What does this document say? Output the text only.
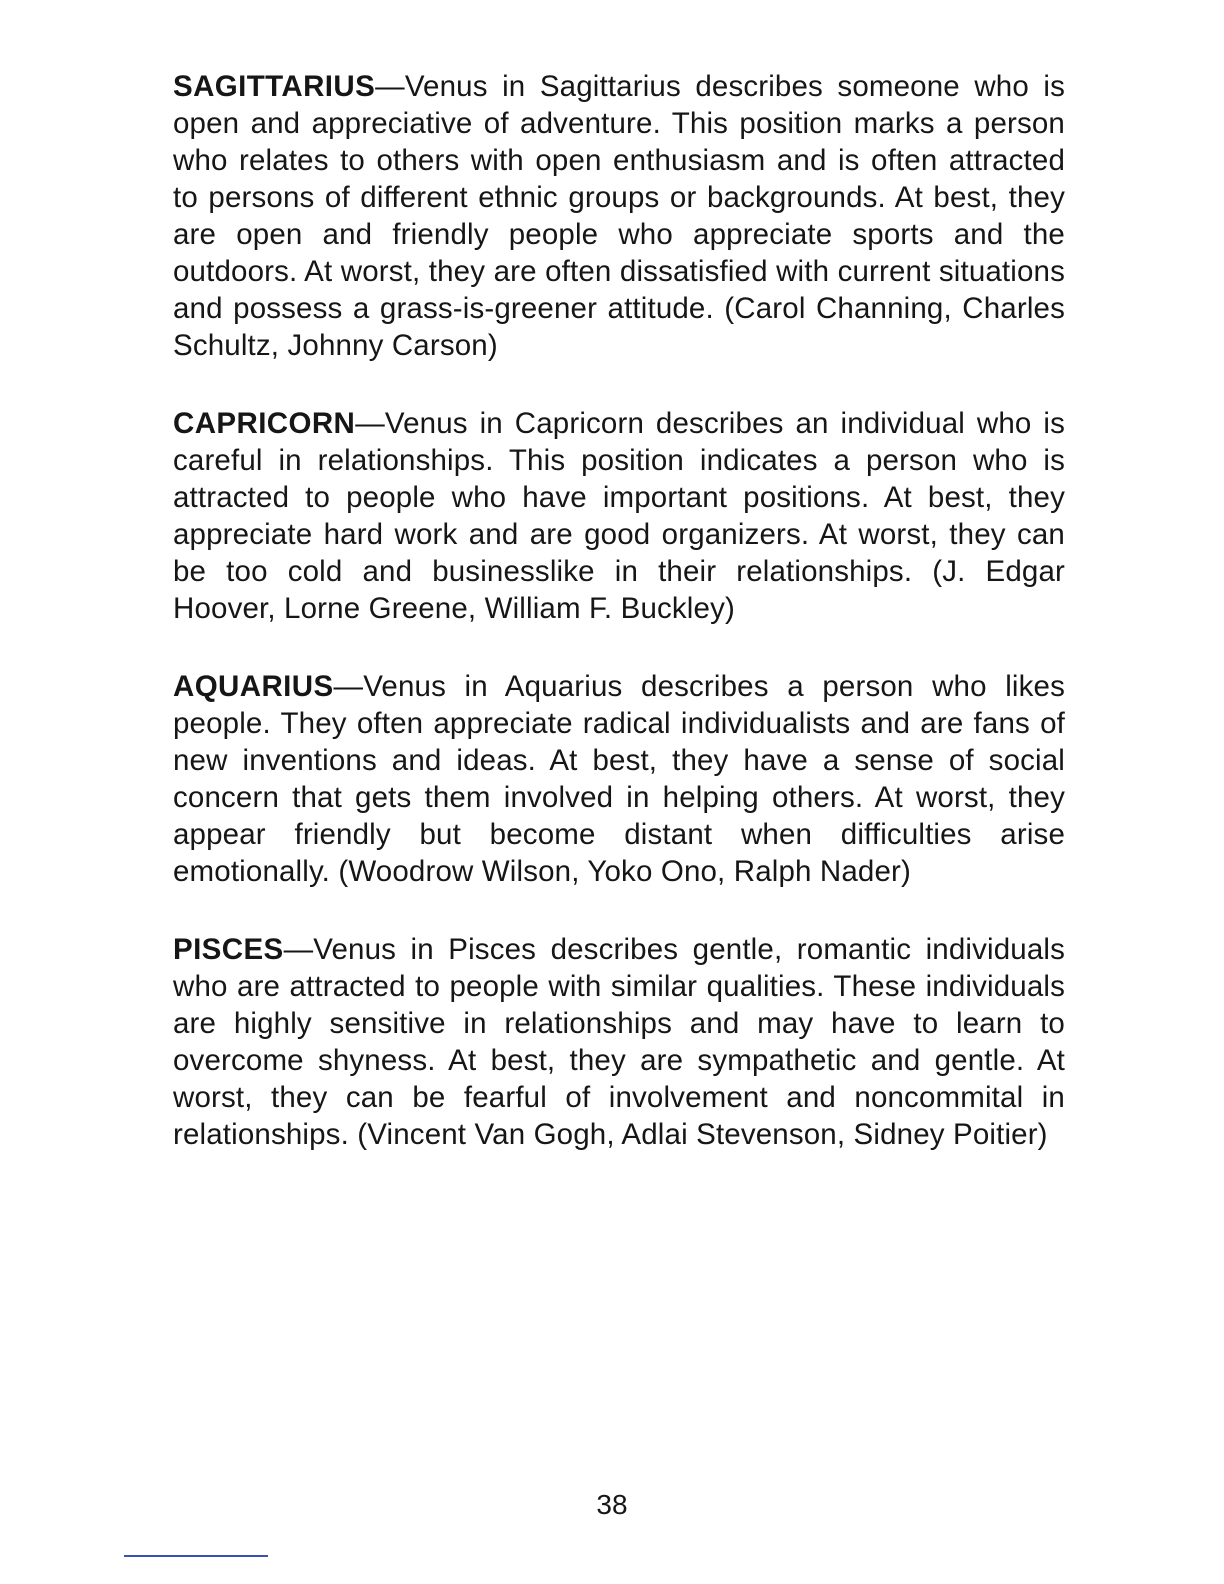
SAGITTARIUS—Venus in Sagittarius describes someone who is open and appreciative of adventure. This position marks a person who relates to others with open enthusiasm and is often attracted to persons of different ethnic groups or backgrounds. At best, they are open and friendly people who appreciate sports and the outdoors. At worst, they are often dissatisfied with current situations and possess a grass-is-greener attitude. (Carol Channing, Charles Schultz, Johnny Carson)

CAPRICORN—Venus in Capricorn describes an individual who is careful in relationships. This position indicates a person who is attracted to people who have important positions. At best, they appreciate hard work and are good organizers. At worst, they can be too cold and businesslike in their relationships. (J. Edgar Hoover, Lorne Greene, William F. Buckley)

AQUARIUS—Venus in Aquarius describes a person who likes people. They often appreciate radical individualists and are fans of new inventions and ideas. At best, they have a sense of social concern that gets them involved in helping others. At worst, they appear friendly but become distant when difficulties arise emotionally. (Woodrow Wilson, Yoko Ono, Ralph Nader)

PISCES—Venus in Pisces describes gentle, romantic individuals who are attracted to people with similar qualities. These individuals are highly sensitive in relationships and may have to learn to overcome shyness. At best, they are sympathetic and gentle. At worst, they can be fearful of involvement and noncommital in relationships. (Vincent Van Gogh, Adlai Stevenson, Sidney Poitier)

38
